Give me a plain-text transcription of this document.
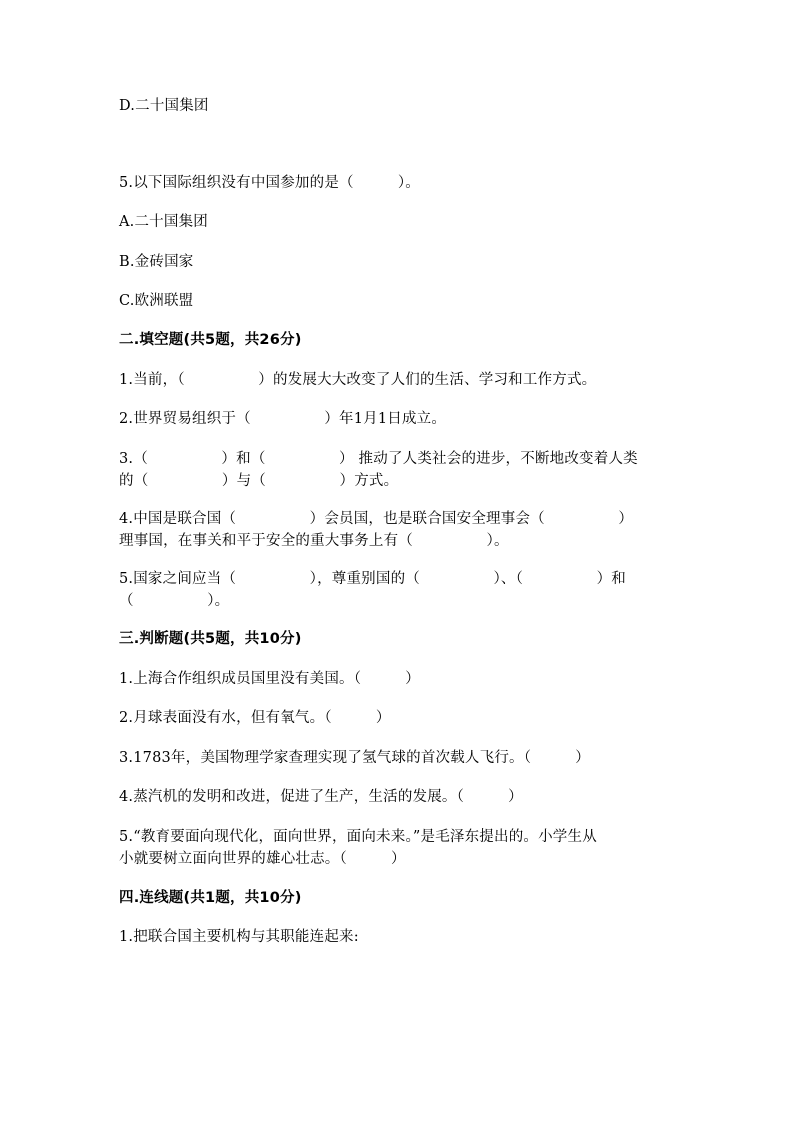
D.二十国集团
5.以下国际组织没有中国参加的是（　　　）。
A.二十国集团
B.金砖国家
C.欧洲联盟
二.填空题(共5题，共26分)
1.当前，（　　　　　）的发展大大改变了人们的生活、学习和工作方式。
2.世界贸易组织于（　　　　　）年1月1日成立。
3.（　　　　　）和（　　　　　） 推动了人类社会的进步，不断地改变着人类
的（　　　　　）与（　　　　　）方式。
4.中国是联合国（　　　　　）会员国，也是联合国安全理事会（　　　　　）
理事国，在事关和平于安全的重大事务上有（　　　　　）。
5.国家之间应当（　　　　　），尊重别国的（　　　　　）、（　　　　　）和
（　　　　　）。
三.判断题(共5题，共10分)
1.上海合作组织成员国里没有美国。（　　　）
2.月球表面没有水，但有氧气。（　　　）
3.1783年，美国物理学家查理实现了氢气球的首次载人飞行。（　　　）
4.蒸汽机的发明和改进，促进了生产，生活的发展。（　　　）
5.“教育要面向现代化，面向世界，面向未来。”是毛泽东提出的。小学生从
小就要树立面向世界的雄心壮志。（　　　）
四.连线题(共1题，共10分)
1.把联合国主要机构与其职能连起来:
